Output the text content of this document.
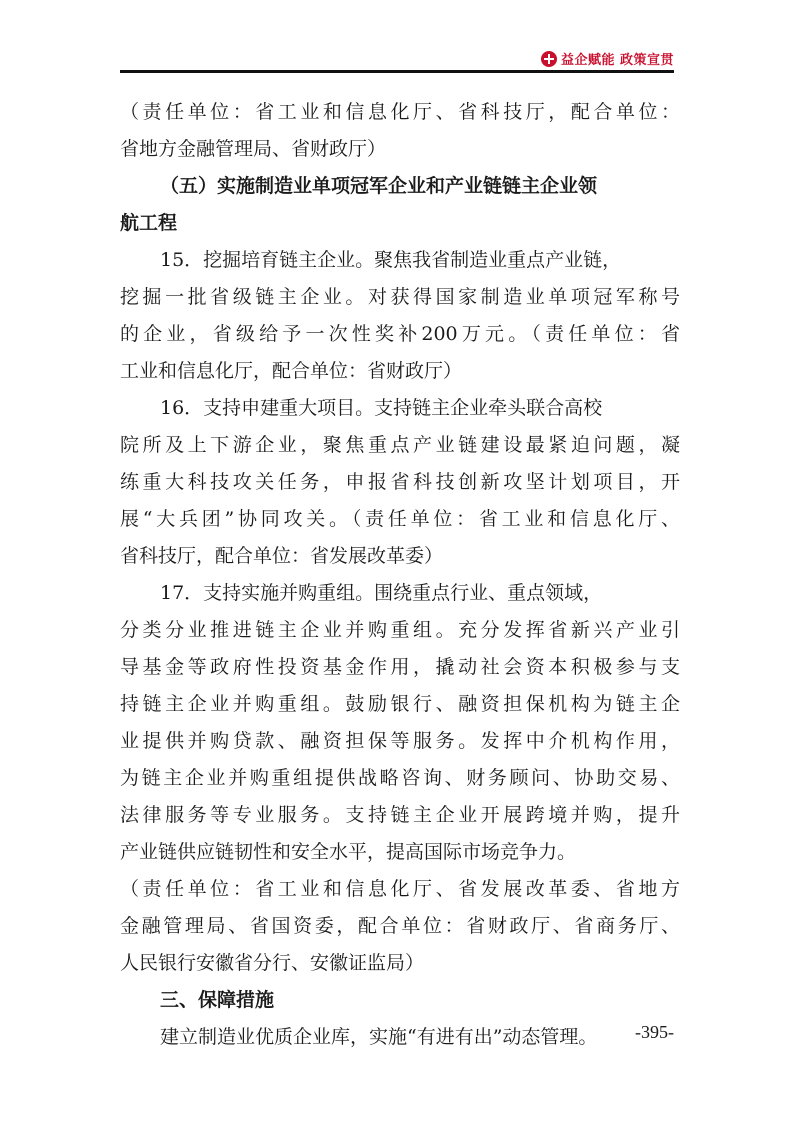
益企赋能 政策宣贯
（责任单位：省工业和信息化厅、省科技厅，配合单位：
省地方金融管理局、省财政厅）
（五）实施制造业单项冠军企业和产业链链主企业领
航工程
15．挖掘培育链主企业。聚焦我省制造业重点产业链，
挖掘一批省级链主企业。对获得国家制造业单项冠军称号
的企业，省级给予一次性奖补200万元。（责任单位：省
工业和信息化厅，配合单位：省财政厅）
16．支持申建重大项目。支持链主企业牵头联合高校
院所及上下游企业，聚焦重点产业链建设最紧迫问题，凝
练重大科技攻关任务，申报省科技创新攻坚计划项目，开
展“大兵团”协同攻关。（责任单位：省工业和信息化厅、
省科技厅，配合单位：省发展改革委）
17．支持实施并购重组。围绕重点行业、重点领域，
分类分业推进链主企业并购重组。充分发挥省新兴产业引
导基金等政府性投资基金作用，撬动社会资本积极参与支
持链主企业并购重组。鼓励银行、融资担保机构为链主企
业提供并购贷款、融资担保等服务。发挥中介机构作用，
为链主企业并购重组提供战略咨询、财务顾问、协助交易、
法律服务等专业服务。支持链主企业开展跨境并购，提升
产业链供应链韧性和安全水平，提高国际市场竞争力。
（责任单位：省工业和信息化厅、省发展改革委、省地方
金融管理局、省国资委，配合单位：省财政厅、省商务厅、
人民银行安徽省分行、安徽证监局）
三、保障措施
建立制造业优质企业库，实施“有进有出”动态管理。	-395-
